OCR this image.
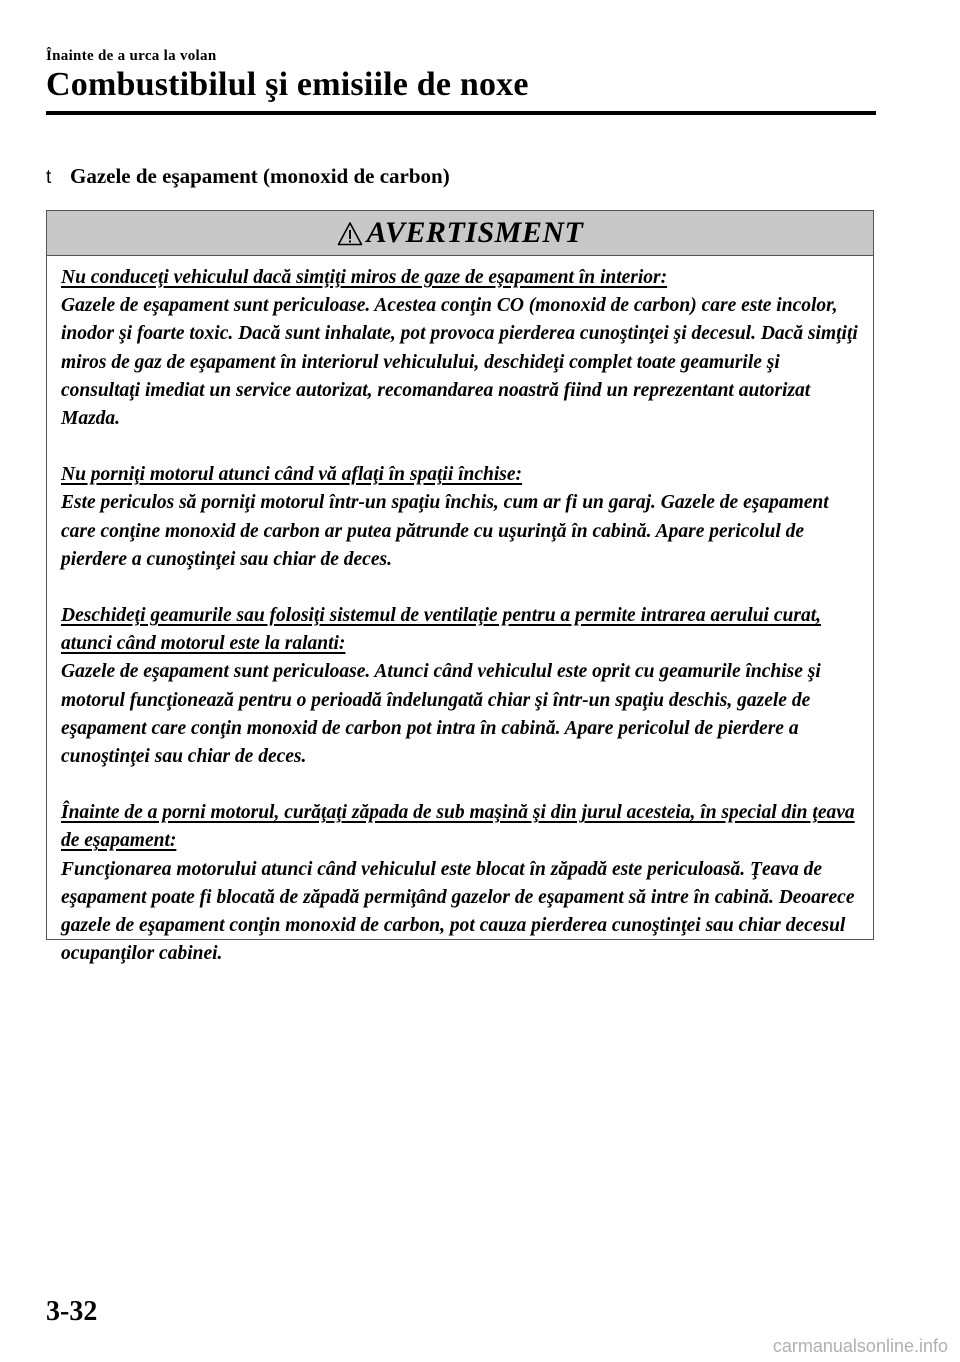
Înainte de a urca la volan
Combustibilul şi emisiile de noxe
t Gazele de eşapament (monoxid de carbon)
AVERTISMENT

Nu conduceţi vehiculul dacă simţiţi miros de gaze de eşapament în interior:
Gazele de eşapament sunt periculoase. Acestea conţin CO (monoxid de carbon) care este incolor, inodor şi foarte toxic. Dacă sunt inhalate, pot provoca pierderea cunoştinţei şi decesul. Dacă simţiţi miros de gaz de eşapament în interiorul vehiculului, deschideţi complet toate geamurile şi consultaţi imediat un service autorizat, recomandarea noastră fiind un reprezentant autorizat Mazda.

Nu porniţi motorul atunci când vă aflaţi în spaţii închise:
Este periculos să porniţi motorul într-un spaţiu închis, cum ar fi un garaj. Gazele de eşapament care conţine monoxid de carbon ar putea pătrunde cu uşurinţă în cabină. Apare pericolul de pierdere a cunoştinţei sau chiar de deces.

Deschideţi geamurile sau folosiţi sistemul de ventilaţie pentru a permite intrarea aerului curat, atunci când motorul este la ralanti:
Gazele de eşapament sunt periculoase. Atunci când vehiculul este oprit cu geamurile închise şi motorul funcţionează pentru o perioadă îndelungată chiar şi într-un spaţiu deschis, gazele de eşapament care conţin monoxid de carbon pot intra în cabină. Apare pericolul de pierdere a cunoştinţei sau chiar de deces.

Înainte de a porni motorul, curăţaţi zăpada de sub maşină şi din jurul acesteia, în special din ţeava de eşapament:
Funcţionarea motorului atunci când vehiculul este blocat în zăpadă este periculoasă. Ţeava de eşapament poate fi blocată de zăpadă permiţând gazelor de eşapament să intre în cabină. Deoarece gazele de eşapament conţin monoxid de carbon, pot cauza pierderea cunoştinţei sau chiar decesul ocupanţilor cabinei.

3-32
carmanualsonline.info
